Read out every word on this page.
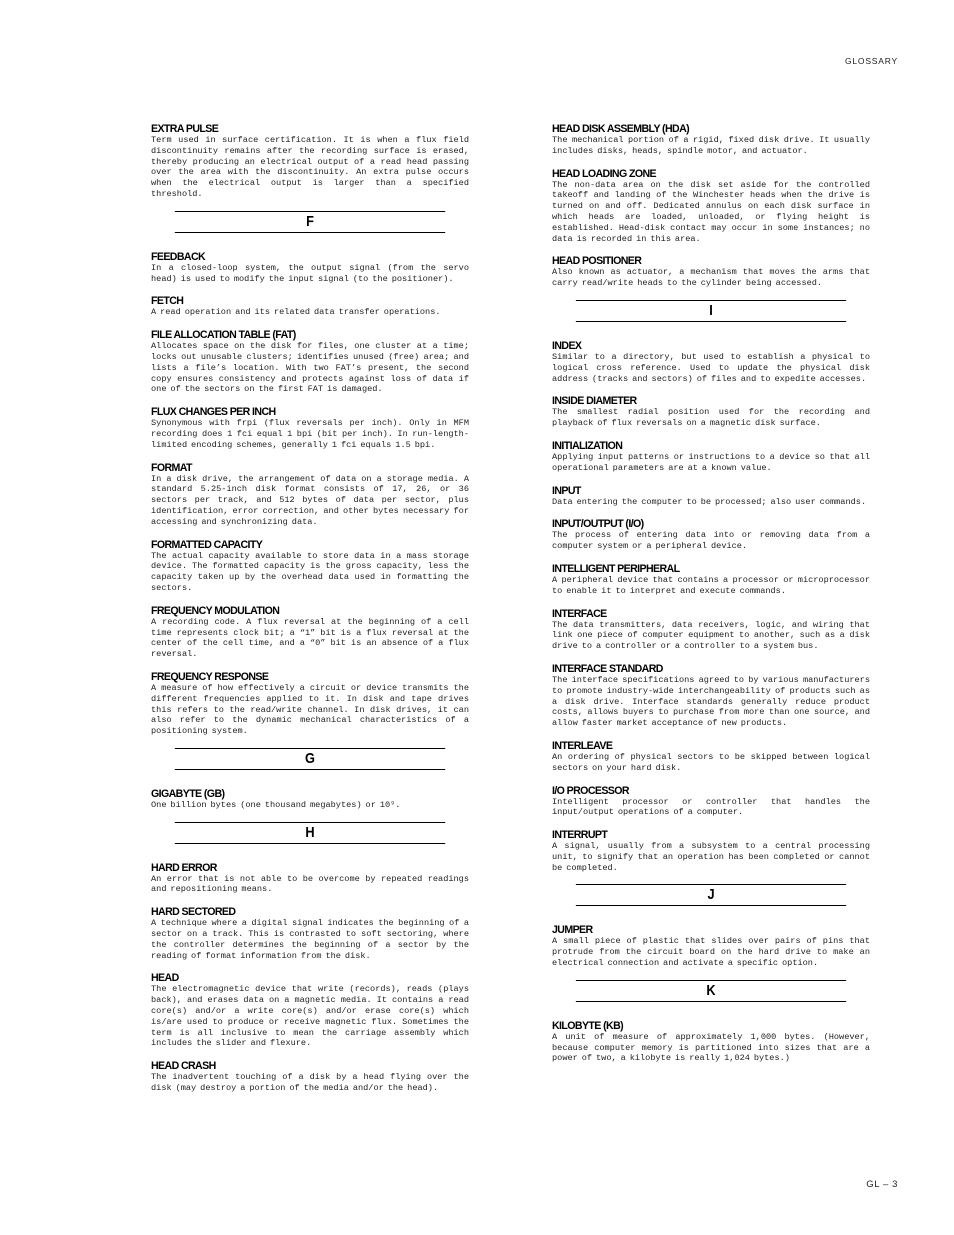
GLOSSARY

EXTRA PULSE

Term used in surface certification. It is when a flux field discontinuity remains after the recording surface is erased, thereby producing an electrical output of a read head passing over the area with the discontinuity. An extra pulse occurs when the electrical output is larger than a specified threshold.

F

FEEDBACK

In a closed-loop system, the output signal (from the servo head) is used to modify the input signal (to the positioner).

FETCH

A read operation and its related data transfer operations.

FILE ALLOCATION TABLE (FAT)

Allocates space on the disk for files, one cluster at a time; locks out unusable clusters; identifies unused (free) area; and lists a file’s location. With two FAT’s present, the second copy ensures consistency and protects against loss of data if one of the sectors on the first FAT is damaged.

FLUX CHANGES PER INCH

Synonymous with frpi (flux reversals per inch). Only in MFM recording does 1 fci equal 1 bpi (bit per inch). In run-length-limited encoding schemes, generally 1 fci equals 1.5 bpi.

FORMAT

In a disk drive, the arrangement of data on a storage media. A standard 5.25-inch disk format consists of 17, 26, or 36 sectors per track, and 512 bytes of data per sector, plus identification, error correction, and other bytes necessary for accessing and synchronizing data.

FORMATTED CAPACITY

The actual capacity available to store data in a mass storage device. The formatted capacity is the gross capacity, less the capacity taken up by the overhead data used in formatting the sectors.

FREQUENCY MODULATION

A recording code. A flux reversal at the beginning of a cell time represents clock bit; a “1” bit is a flux reversal at the center of the cell time, and a “0” bit is an absence of a flux reversal.

FREQUENCY RESPONSE

A measure of how effectively a circuit or device transmits the different frequencies applied to it. In disk and tape drives this refers to the read/write channel. In disk drives, it can also refer to the dynamic mechanical characteristics of a positioning system.

G

GIGABYTE (GB)

One billion bytes (one thousand megabytes) or 10⁹.

H

HARD ERROR

An error that is not able to be overcome by repeated readings and repositioning means.

HARD SECTORED

A technique where a digital signal indicates the beginning of a sector on a track. This is contrasted to soft sectoring, where the controller determines the beginning of a sector by the reading of format information from the disk.

HEAD

The electromagnetic device that write (records), reads (plays back), and erases data on a magnetic media. It contains a read core(s) and/or a write core(s) and/or erase core(s) which is/are used to produce or receive magnetic flux. Sometimes the term is all inclusive to mean the carriage assembly which includes the slider and flexure.

HEAD CRASH

The inadvertent touching of a disk by a head flying over the disk (may destroy a portion of the media and/or the head).

HEAD DISK ASSEMBLY (HDA)

The mechanical portion of a rigid, fixed disk drive. It usually includes disks, heads, spindle motor, and actuator.

HEAD LOADING ZONE

The non-data area on the disk set aside for the controlled takeoff and landing of the Winchester heads when the drive is turned on and off. Dedicated annulus on each disk surface in which heads are loaded, unloaded, or flying height is established. Head-disk contact may occur in some instances; no data is recorded in this area.

HEAD POSITIONER

Also known as actuator, a mechanism that moves the arms that carry read/write heads to the cylinder being accessed.

I

INDEX

Similar to a directory, but used to establish a physical to logical cross reference. Used to update the physical disk address (tracks and sectors) of files and to expedite accesses.

INSIDE DIAMETER

The smallest radial position used for the recording and playback of flux reversals on a magnetic disk surface.

INITIALIZATION

Applying input patterns or instructions to a device so that all operational parameters are at a known value.

INPUT

Data entering the computer to be processed; also user commands.

INPUT/OUTPUT (I/O)

The process of entering data into or removing data from a computer system or a peripheral device.

INTELLIGENT PERIPHERAL

A peripheral device that contains a processor or microprocessor to enable it to interpret and execute commands.

INTERFACE

The data transmitters, data receivers, logic, and wiring that link one piece of computer equipment to another, such as a disk drive to a controller or a controller to a system bus.

INTERFACE STANDARD

The interface specifications agreed to by various manufacturers to promote industry-wide interchangeability of products such as a disk drive. Interface standards generally reduce product costs, allows buyers to purchase from more than one source, and allow faster market acceptance of new products.

INTERLEAVE

An ordering of physical sectors to be skipped between logical sectors on your hard disk.

I/O PROCESSOR

Intelligent processor or controller that handles the input/output operations of a computer.

INTERRUPT

A signal, usually from a subsystem to a central processing unit, to signify that an operation has been completed or cannot be completed.

J

JUMPER

A small piece of plastic that slides over pairs of pins that protrude from the circuit board on the hard drive to make an electrical connection and activate a specific option.

K

KILOBYTE (KB)

A unit of measure of approximately 1,000 bytes. (However, because computer memory is partitioned into sizes that are a power of two, a kilobyte is really 1,024 bytes.)

GL – 3
